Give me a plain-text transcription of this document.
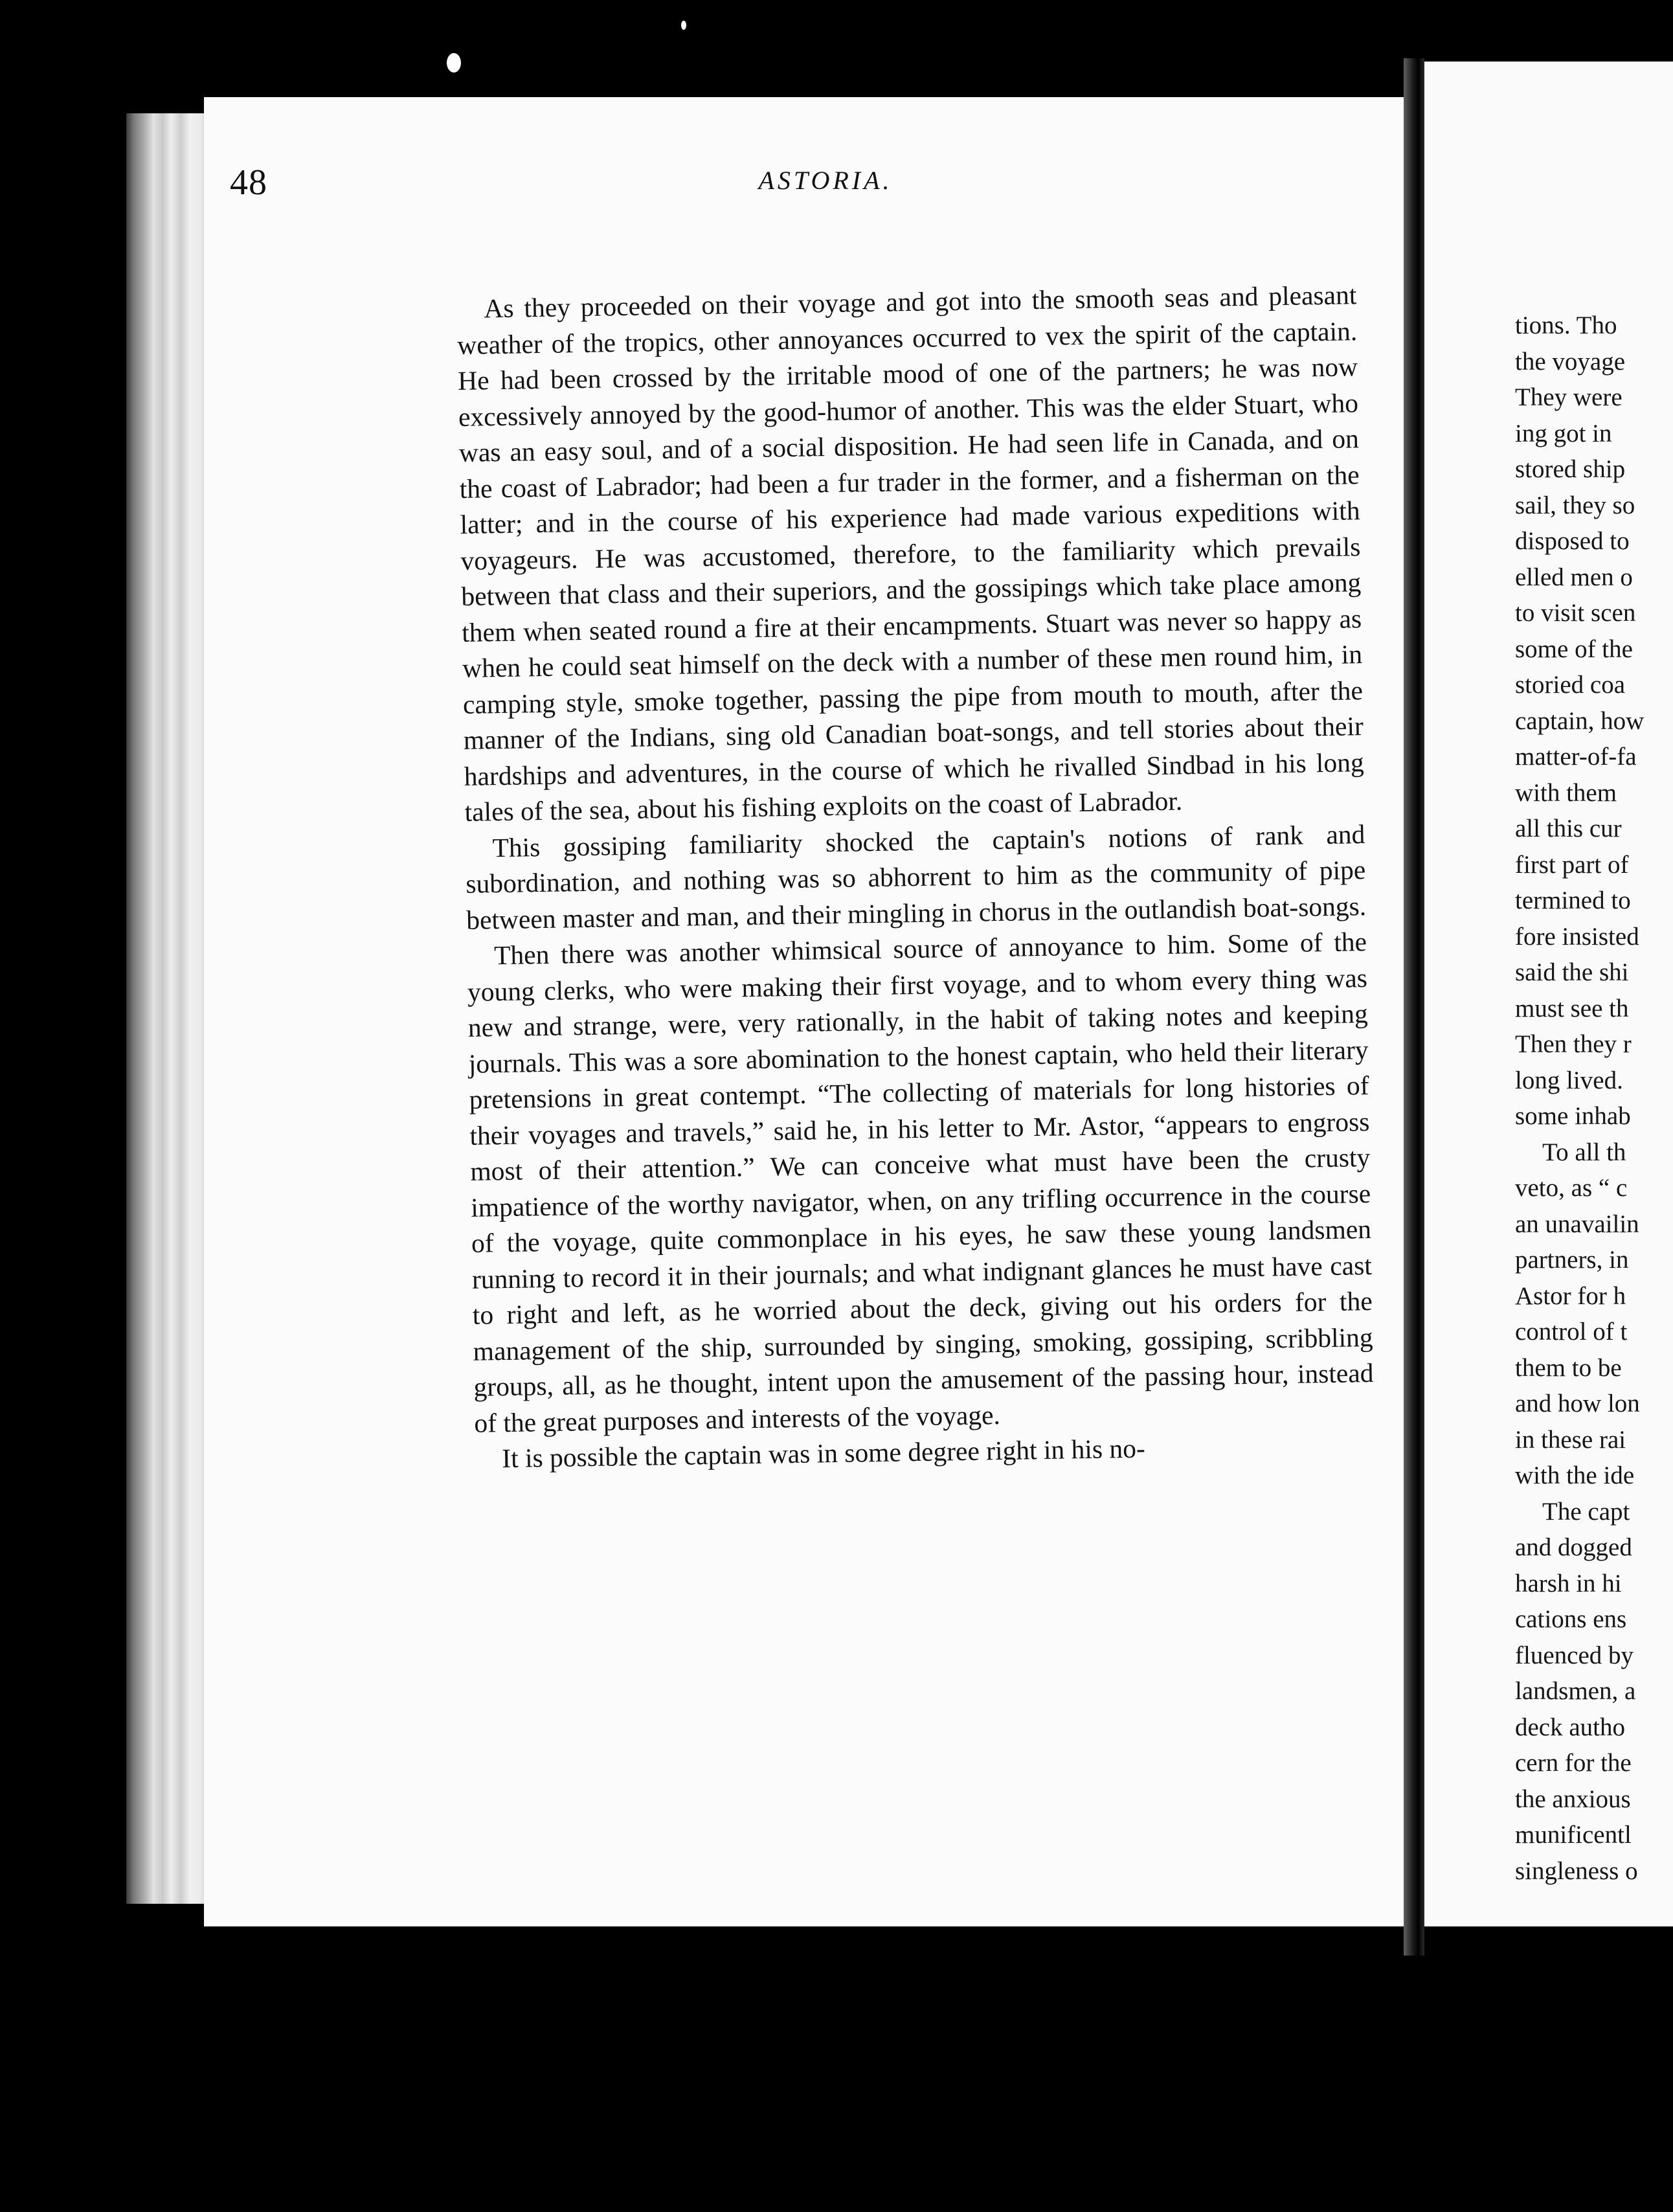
48	ASTORIA.

As they proceeded on their voyage and got into the smooth seas and pleasant weather of the tropics, other annoyances occurred to vex the spirit of the captain. He had been crossed by the irritable mood of one of the partners; he was now excessively annoyed by the good-humor of another. This was the elder Stuart, who was an easy soul, and of a social disposition. He had seen life in Canada, and on the coast of Labrador; had been a fur trader in the former, and a fisherman on the latter; and in the course of his experience had made various expeditions with voyageurs. He was accustomed, therefore, to the familiarity which prevails between that class and their superiors, and the gossipings which take place among them when seated round a fire at their encampments. Stuart was never so happy as when he could seat himself on the deck with a number of these men round him, in camping style, smoke together, passing the pipe from mouth to mouth, after the manner of the Indians, sing old Canadian boat-songs, and tell stories about their hardships and adventures, in the course of which he rivalled Sindbad in his long tales of the sea, about his fishing exploits on the coast of Labrador.

This gossiping familiarity shocked the captain's notions of rank and subordination, and nothing was so abhorrent to him as the community of pipe between master and man, and their mingling in chorus in the outlandish boat-songs.

Then there was another whimsical source of annoyance to him. Some of the young clerks, who were making their first voyage, and to whom every thing was new and strange, were, very rationally, in the habit of taking notes and keeping journals. This was a sore abomination to the honest captain, who held their literary pretensions in great contempt. “The collecting of materials for long histories of their voyages and travels,” said he, in his letter to Mr. Astor, “appears to engross most of their attention.” We can conceive what must have been the crusty impatience of the worthy navigator, when, on any trifling occurrence in the course of the voyage, quite commonplace in his eyes, he saw these young landsmen running to record it in their journals; and what indignant glances he must have cast to right and left, as he worried about the deck, giving out his orders for the management of the ship, surrounded by singing, smoking, gossiping, scribbling groups, all, as he thought, intent upon the amusement of the passing hour, instead of the great purposes and interests of the voyage.

It is possible the captain was in some degree right in his no-

tions. Tho
the voyage
They were
ing got in
stored ship
sail, they so
disposed to
elled men o
to visit scen
some of the
storied coa
captain, how
matter-of-fa
with them
all this cur
first part of
termined to
fore insisted
said the shi
must see th
Then they r
long lived.
some inhab
To all th
veto, as “ c
an unavailin
partners, in
Astor for h
control of t
them to be
and how lon
in these rai
with the ide
The capt
and dogged
harsh in hi
cations ens
fluenced by
landsmen, a
deck autho
cern for the
the anxious
munificentl
singleness o
